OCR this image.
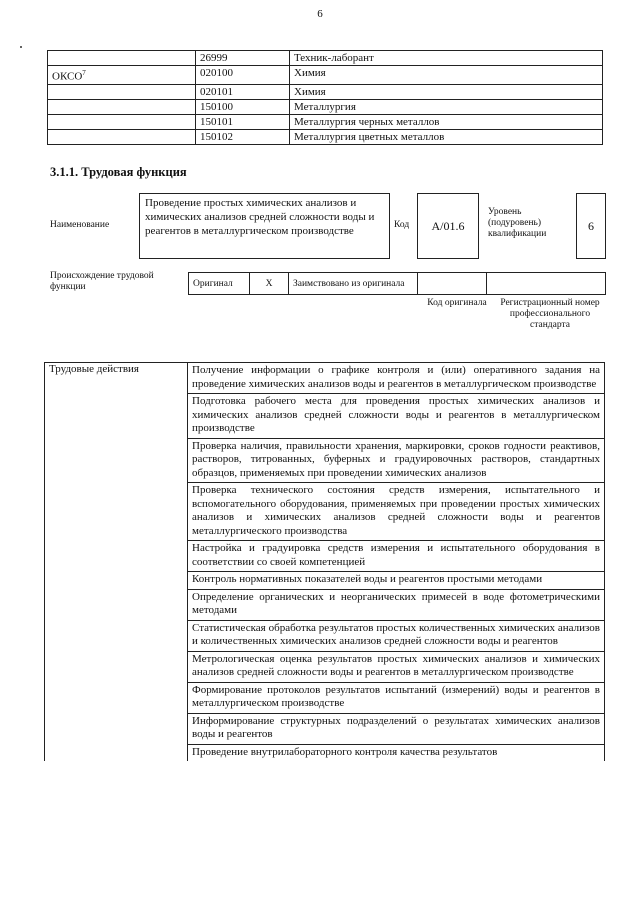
6
	26999	Техник-лаборант
ОКСО$^7$	020100	Химия
	020101	Химия
	150100	Металлургия
	150101	Металлургия черных металлов
	150102	Металлургия цветных металлов
3.1.1. Трудовая функция
Наименование
Проведение простых химических анализов и химических анализов средней сложности воды и реагентов в металлургическом производстве	Код	A/01.6
Уровень (подуровень) квалификации
6
Происхождение трудовой функции	Оригинал	X	Заимствовано из оригинала		
Код оригинала	Регистрационный номер профессионального стандарта
Трудовые действия	Получение информации о графике контроля и (или) оперативного задания на проведение химических анализов воды и реагентов в металлургическом производстве
Подготовка рабочего места для проведения простых химических анализов и химических анализов средней сложности воды и реагентов в металлургическом производстве
Проверка наличия, правильности хранения, маркировки, сроков годности реактивов, растворов, титрованных, буферных и градуировочных растворов, стандартных образцов, применяемых при проведении химических анализов
Проверка технического состояния средств измерения, испытательного и вспомогательного оборудования, применяемых при проведении простых химических анализов и химических анализов средней сложности воды и реагентов металлургического производства
Настройка и градуировка средств измерения и испытательного оборудования в соответствии со своей компетенцией
Контроль нормативных показателей воды и реагентов простыми методами
Определение органических и неорганических примесей в воде фотометрическими методами
Статистическая обработка результатов простых количественных химических анализов и количественных химических анализов средней сложности воды и реагентов
Метрологическая оценка результатов простых химических анализов и химических анализов средней сложности воды и реагентов в металлургическом производстве
Формирование протоколов результатов испытаний (измерений) воды и реагентов в металлургическом производстве
Информирование структурных подразделений о результатах химических анализов воды и реагентов
Проведение внутрилабораторного контроля качества результатов
